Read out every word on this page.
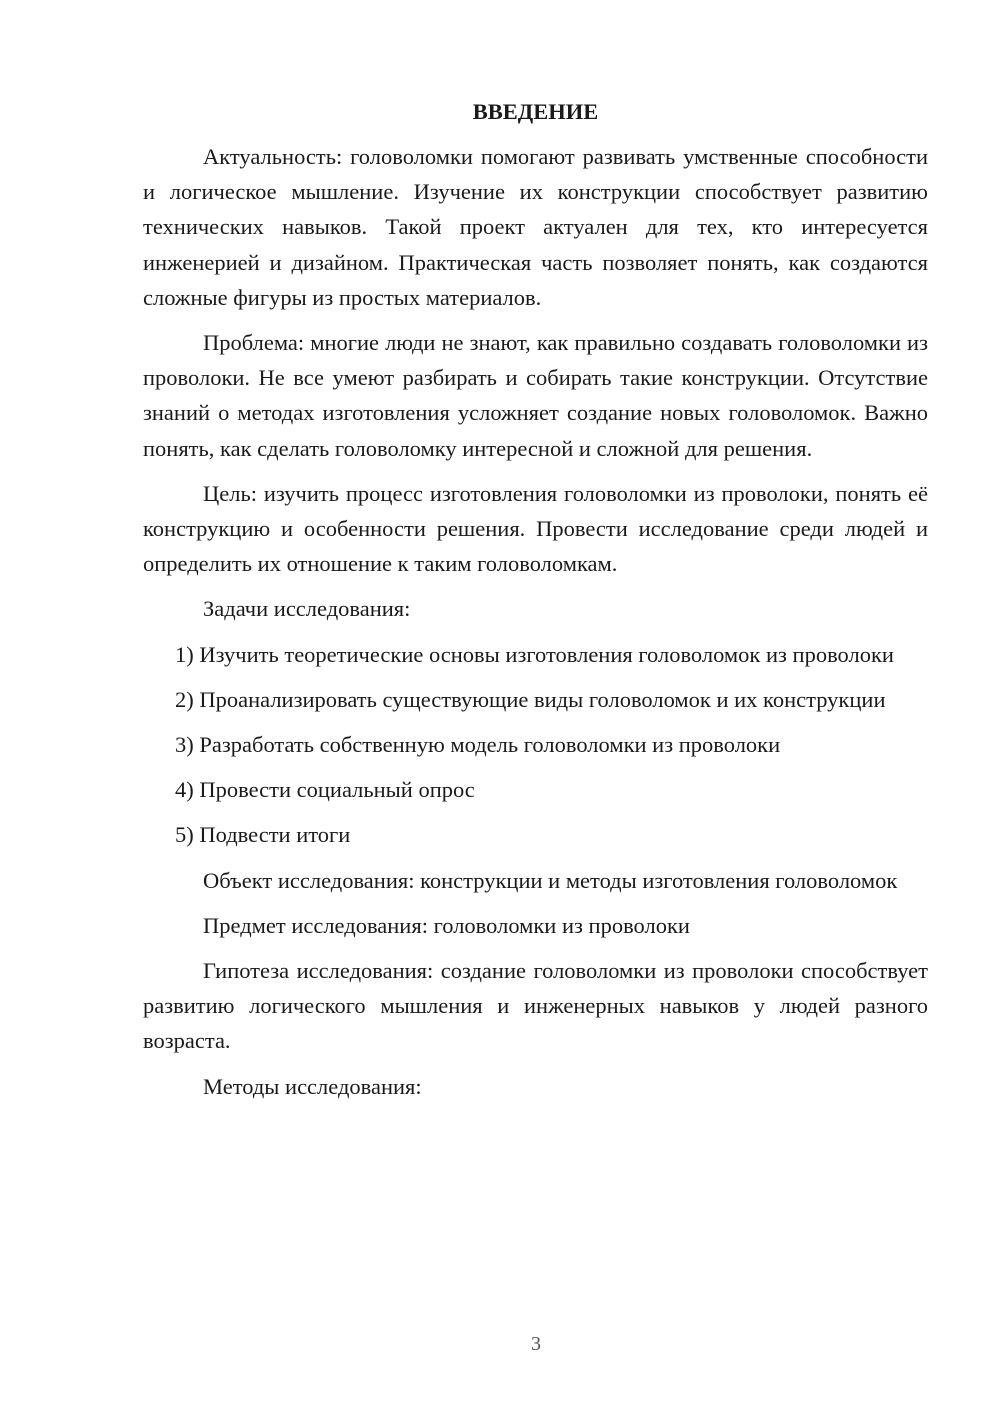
ВВЕДЕНИЕ

Актуальность: головоломки помогают развивать умственные способности и логическое мышление. Изучение их конструкции способствует развитию технических навыков. Такой проект актуален для тех, кто интересуется инженерией и дизайном. Практическая часть позволяет понять, как создаются сложные фигуры из простых материалов.

Проблема: многие люди не знают, как правильно создавать головоломки из проволоки. Не все умеют разбирать и собирать такие конструкции. Отсутствие знаний о методах изготовления усложняет создание новых головоломок. Важно понять, как сделать головоломку интересной и сложной для решения.

Цель: изучить процесс изготовления головоломки из проволоки, понять её конструкцию и особенности решения. Провести исследование среди людей и определить их отношение к таким головоломкам.

Задачи исследования:

1) Изучить теоретические основы изготовления головоломок из проволоки

2) Проанализировать существующие виды головоломок и их конструкции

3) Разработать собственную модель головоломки из проволоки

4) Провести социальный опрос

5) Подвести итоги

Объект исследования: конструкции и методы изготовления головоломок

Предмет исследования: головоломки из проволоки

Гипотеза исследования: создание головоломки из проволоки способствует развитию логического мышления и инженерных навыков у людей разного возраста.

Методы исследования:

3
